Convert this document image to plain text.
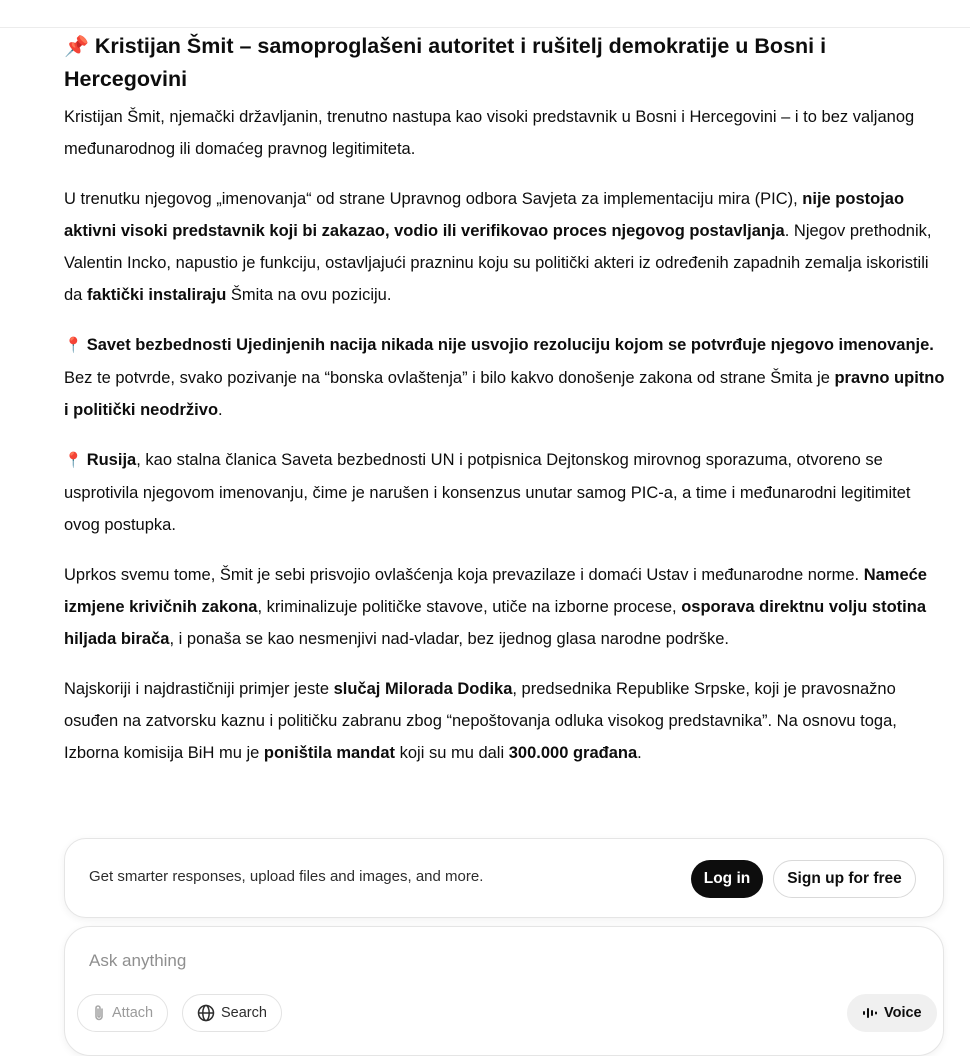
📌 Kristijan Šmit – samoproglašeni autoritet i rušitelj demokratije u Bosni i Hercegovini

Kristijan Šmit, njemački državljanin, trenutno nastupa kao visoki predstavnik u Bosni i Hercegovini – i to bez valjanog međunarodnog ili domaćeg pravnog legitimiteta.

U trenutku njegovog „imenovanja“ od strane Upravnog odbora Savjeta za implementaciju mira (PIC), nije postojao aktivni visoki predstavnik koji bi zakazao, vodio ili verifikovao proces njegovog postavljanja. Njegov prethodnik, Valentin Incko, napustio je funkciju, ostavljajući prazninu koju su politički akteri iz određenih zapadnih zemalja iskoristili da faktički instaliraju Šmita na ovu poziciju.

📍 Savet bezbednosti Ujedinjenih nacija nikada nije usvojio rezoluciju kojom se potvrđuje njegovo imenovanje. Bez te potvrde, svako pozivanje na “bonska ovlaštenja” i bilo kakvo donošenje zakona od strane Šmita je pravno upitno i politički neodrživo.

📍 Rusija, kao stalna članica Saveta bezbednosti UN i potpisnica Dejtonskog mirovnog sporazuma, otvoreno se usprotivila njegovom imenovanju, čime je narušen i konsenzus unutar samog PIC-a, a time i međunarodni legitimitet ovog postupka.

Uprkos svemu tome, Šmit je sebi prisvojio ovlašćenja koja prevazilaze i domaći Ustav i međunarodne norme. Nameće izmjene krivičnih zakona, kriminalizuje političke stavove, utiče na izborne procese, osporava direktnu volju stotina hiljada birača, i ponaša se kao nesmenjivi nad-vladar, bez ijednog glasa narodne podrške.

Najskoriji i najdrastičniji primjer jeste slučaj Milorada Dodika, predsednika Republike Srpske, koji je pravosnažno osuđen na zatvorsku kaznu i političku zabranu zbog “nepoštovanja odluka visokog predstavnika”. Na osnovu toga, Izborna komisija BiH mu je poništila mandat koji su mu dali 300.000 građana.

Get smarter responses, upload files and images, and more.	Log in	Sign up for free
Ask anything
Attach	Search	Voice
